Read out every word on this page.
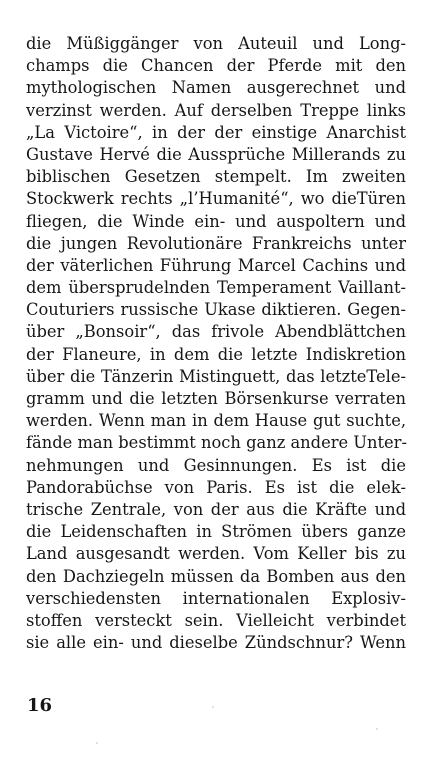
die Müßiggänger von Auteuil und Long-
champs die Chancen der Pferde mit den
mythologischen Namen ausgerechnet und
verzinst werden. Auf derselben Treppe links
„La Victoire“, in der der einstige Anarchist
Gustave Hervé die Aussprüche Millerands zu
biblischen Gesetzen stempelt. Im zweiten
Stockwerk rechts „l’Humanité“, wo dieTüren
fliegen, die Winde ein- und auspoltern und
die jungen Revolutionäre Frankreichs unter
der väterlichen Führung Marcel Cachins und
dem übersprudelnden Temperament Vaillant-
Couturiers russische Ukase diktieren. Gegen-
über „Bonsoir“, das frivole Abendblättchen
der Flaneure, in dem die letzte Indiskretion
über die Tänzerin Mistinguett, das letzteTele-
gramm und die letzten Börsenkurse verraten
werden. Wenn man in dem Hause gut suchte,
fände man bestimmt noch ganz andere Unter-
nehmungen und Gesinnungen. Es ist die
Pandorabüchse von Paris. Es ist die elek-
trische Zentrale, von der aus die Kräfte und
die Leidenschaften in Strömen übers ganze
Land ausgesandt werden. Vom Keller bis zu
den Dachziegeln müssen da Bomben aus den
verschiedensten internationalen Explosiv-
stoffen versteckt sein. Vielleicht verbindet
sie alle ein- und dieselbe Zündschnur? Wenn
16
